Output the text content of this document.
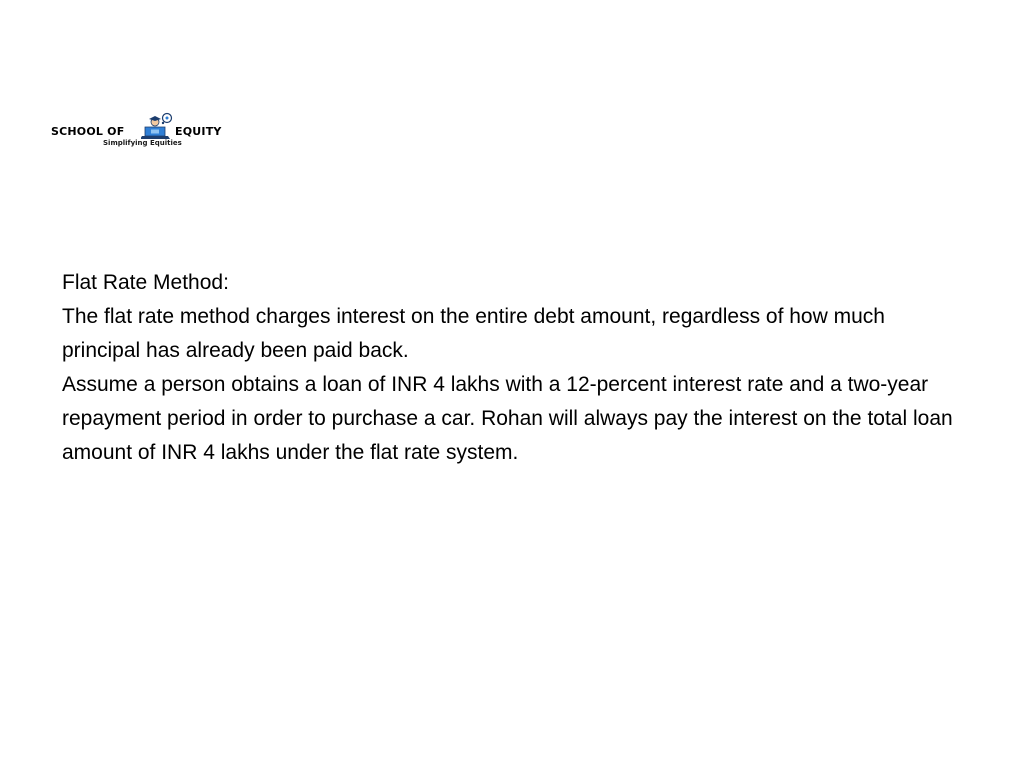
SCHOOL OF	EQUITY
Simplifying Equities

Flat Rate Method:

The flat rate method charges interest on the entire debt amount, regardless of how much principal has already been paid back.

Assume a person obtains a loan of INR 4 lakhs with a 12-percent interest rate and a two-year repayment period in order to purchase a car. Rohan will always pay the interest on the total loan amount of INR 4 lakhs under the flat rate system.
